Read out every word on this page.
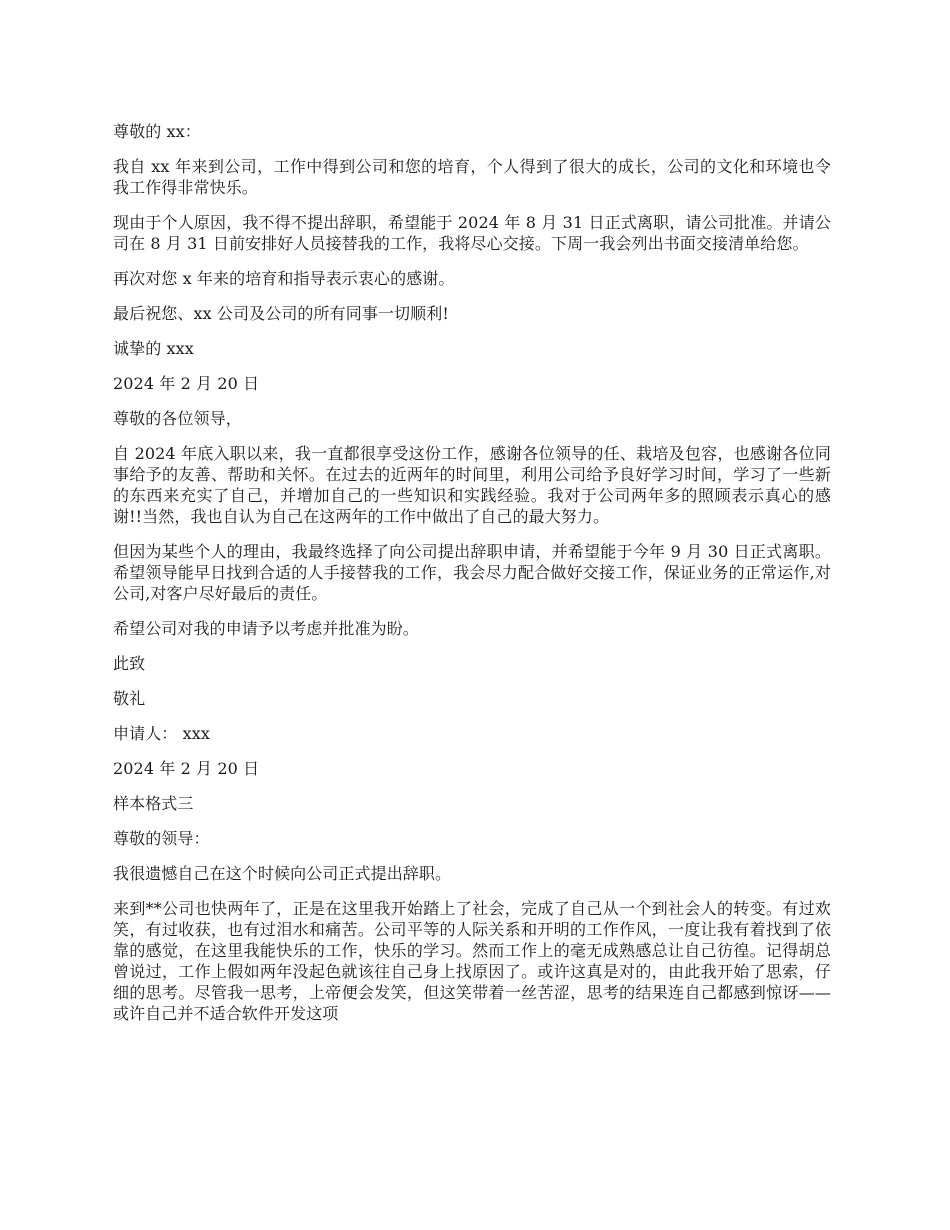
尊敬的 xx：

我自 xx 年来到公司，工作中得到公司和您的培育，个人得到了很大的成长，公司的文化和环境也令我工作得非常快乐。

现由于个人原因，我不得不提出辞职，希望能于 2024 年 8 月 31 日正式离职，请公司批准。并请公司在 8 月 31 日前安排好人员接替我的工作，我将尽心交接。下周一我会列出书面交接清单给您。

再次对您 x 年来的培育和指导表示衷心的感谢。

最后祝您、xx 公司及公司的所有同事一切顺利!

诚挚的 xxx

2024 年 2 月 20 日

尊敬的各位领导，

自 2024 年底入职以来，我一直都很享受这份工作，感谢各位领导的任、栽培及包容，也感谢各位同事给予的友善、帮助和关怀。在过去的近两年的时间里，利用公司给予良好学习时间，学习了一些新的东西来充实了自己，并增加自己的一些知识和实践经验。我对于公司两年多的照顾表示真心的感谢!!当然，我也自认为自己在这两年的工作中做出了自己的最大努力。

但因为某些个人的理由，我最终选择了向公司提出辞职申请，并希望能于今年 9 月 30 日正式离职。希望领导能早日找到合适的人手接替我的工作，我会尽力配合做好交接工作，保证业务的正常运作,对公司,对客户尽好最后的责任。

希望公司对我的申请予以考虑并批准为盼。

此致

敬礼

申请人： xxx

2024 年 2 月 20 日

样本格式三

尊敬的领导：

我很遗憾自己在这个时候向公司正式提出辞职。

来到**公司也快两年了，正是在这里我开始踏上了社会，完成了自己从一个到社会人的转变。有过欢笑，有过收获，也有过泪水和痛苦。公司平等的人际关系和开明的工作作风，一度让我有着找到了依靠的感觉，在这里我能快乐的工作，快乐的学习。然而工作上的毫无成熟感总让自己彷徨。记得胡总曾说过，工作上假如两年没起色就该往自己身上找原因了。或许这真是对的，由此我开始了思索，仔细的思考。尽管我一思考，上帝便会发笑，但这笑带着一丝苦涩，思考的结果连自己都感到惊讶——或许自己并不适合软件开发这项
